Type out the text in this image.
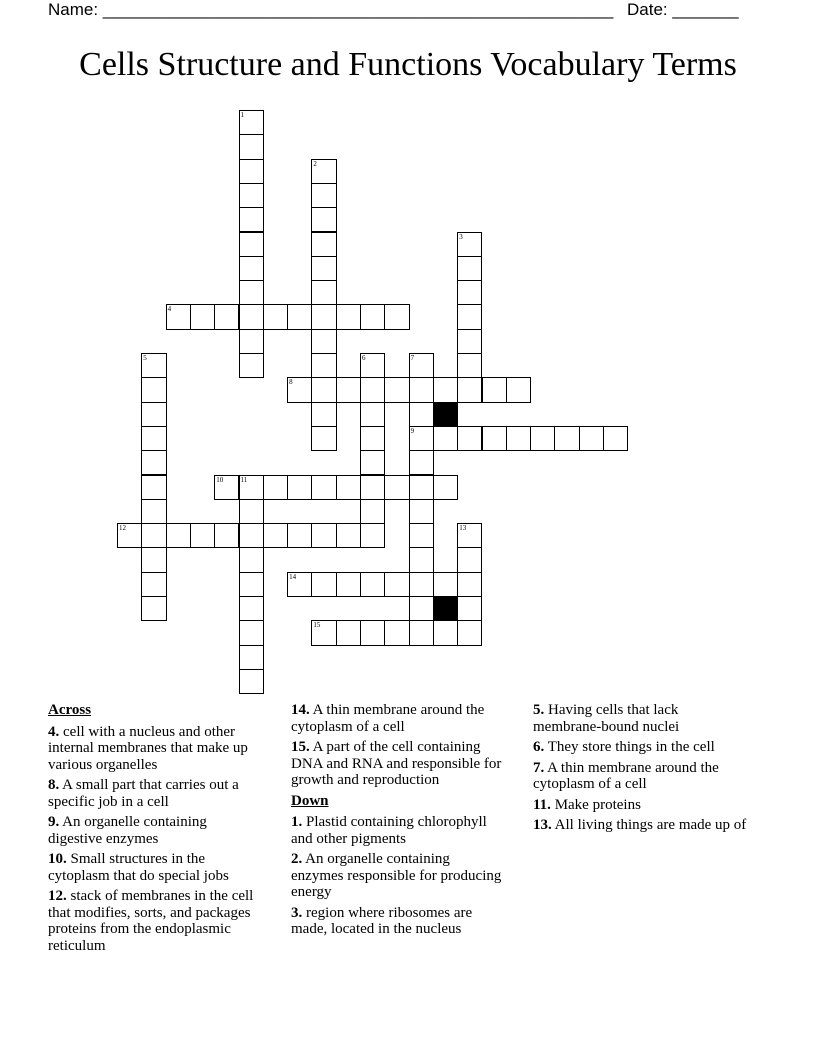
Name: ______________________________________________________ Date: _______
Cells Structure and Functions Vocabulary Terms
1
2
3
4
5	6	7
9
8
10 11
12	13
14
15
Across
4. cell with a nucleus and other internal membranes that make up various organelles
8. A small part that carries out a specific job in a cell
9. An organelle containing digestive enzymes
10. Small structures in the cytoplasm that do special jobs
12. stack of membranes in the cell that modifies, sorts, and packages proteins from the endoplasmic reticulum
14. A thin membrane around the cytoplasm of a cell
15. A part of the cell containing DNA and RNA and responsible for growth and reproduction
Down
1. Plastid containing chlorophyll and other pigments
2. An organelle containing enzymes responsible for producing energy
3. region where ribosomes are made, located in the nucleus
5. Having cells that lack membrane-bound nuclei
6. They store things in the cell
7. A thin membrane around the cytoplasm of a cell
11. Make proteins
13. All living things are made up of
